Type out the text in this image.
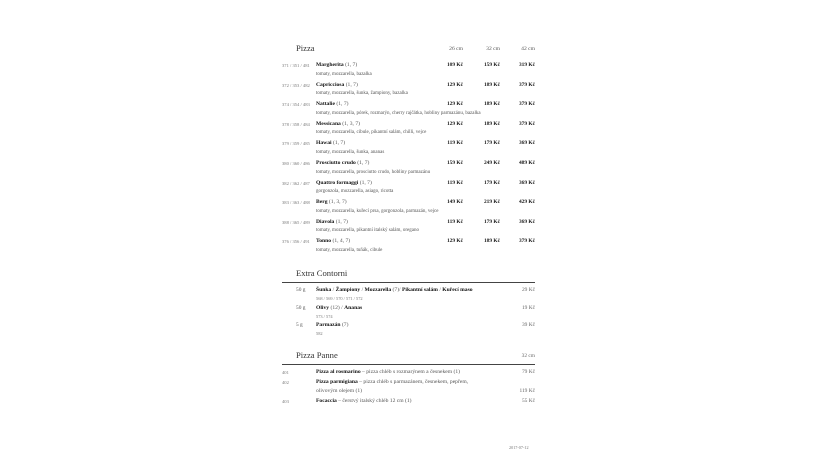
Pizza	26 cm	32 cm	42 cm
371 / 351 / 481 Margherita (1, 7)
tomaty, mozzarella, bazalka
109 Kč	159 Kč	319 Kč
372 / 353 / 482 Capricciosa (1, 7)
tomaty, mozzarella, šunka, žampiony, bazalka
129 Kč	189 Kč	379 Kč
374 / 354 / 483 Nattalie (1, 7)
tomaty, mozzarella, pórek, rozmarýn, cherry rajčátka, hobliny parmazánu, bazalka
129 Kč	189 Kč	379 Kč
378 / 358 / 484 Messicana (1, 3, 7)
tomaty, mozzarella, cibule, pikantní salám, chilli, vejce
129 Kč	189 Kč	379 Kč
379 / 359 / 485 Hawai (1, 7)
tomaty, mozzarella, šunka, ananas
119 Kč	179 Kč	369 Kč
380 / 360 / 486 Prosciutto crudo (1, 7)
tomaty, mozzarella, prosciutto crudo, hobliny parmazánu
159 Kč	249 Kč	489 Kč
382 / 362 / 487 Quattro formaggi (1, 7)
gorgonzola, mozzarella, asiago, ricotta
119 Kč	179 Kč	369 Kč
383 / 363 / 488 Berg (1, 3, 7)
tomaty, mozzarella, kuřecí prsa, gorgonzola, parmazán, vejce
149 Kč	219 Kč	429 Kč
388 / 365 / 489 Diavola (1, 7)
tomaty, mozzarella, pikantní italský salám, oregano
119 Kč	179 Kč	369 Kč
376 / 356 / 491 Tonno (1, 4, 7)
tomaty, mozzarella, tuňák, cibule
129 Kč	189 Kč	379 Kč
Extra Contorni
50 g Šunka / Žampiony / Mozzarella (7)/ Pikantní salám / Kuřecí maso
568 / 569 / 570 / 571 / 572
29 Kč
50 g Olivy (12) / Ananas
573 / 574
19 Kč
5 g Parmazán (7)
582
39 Kč
Pizza Panne	32 cm
401	Pizza al rosmarino – pizza chléb s rozmarýnem a česnekem (1)	79 Kč
402	Pizza parmigiana – pizza chléb s parmazánem, česnekem, pepřem,
olivovým olejem (1)	119 Kč
403	Focaccia – čerstvý italský chléb 12 cm (1)	55 Kč
2017-07-12
